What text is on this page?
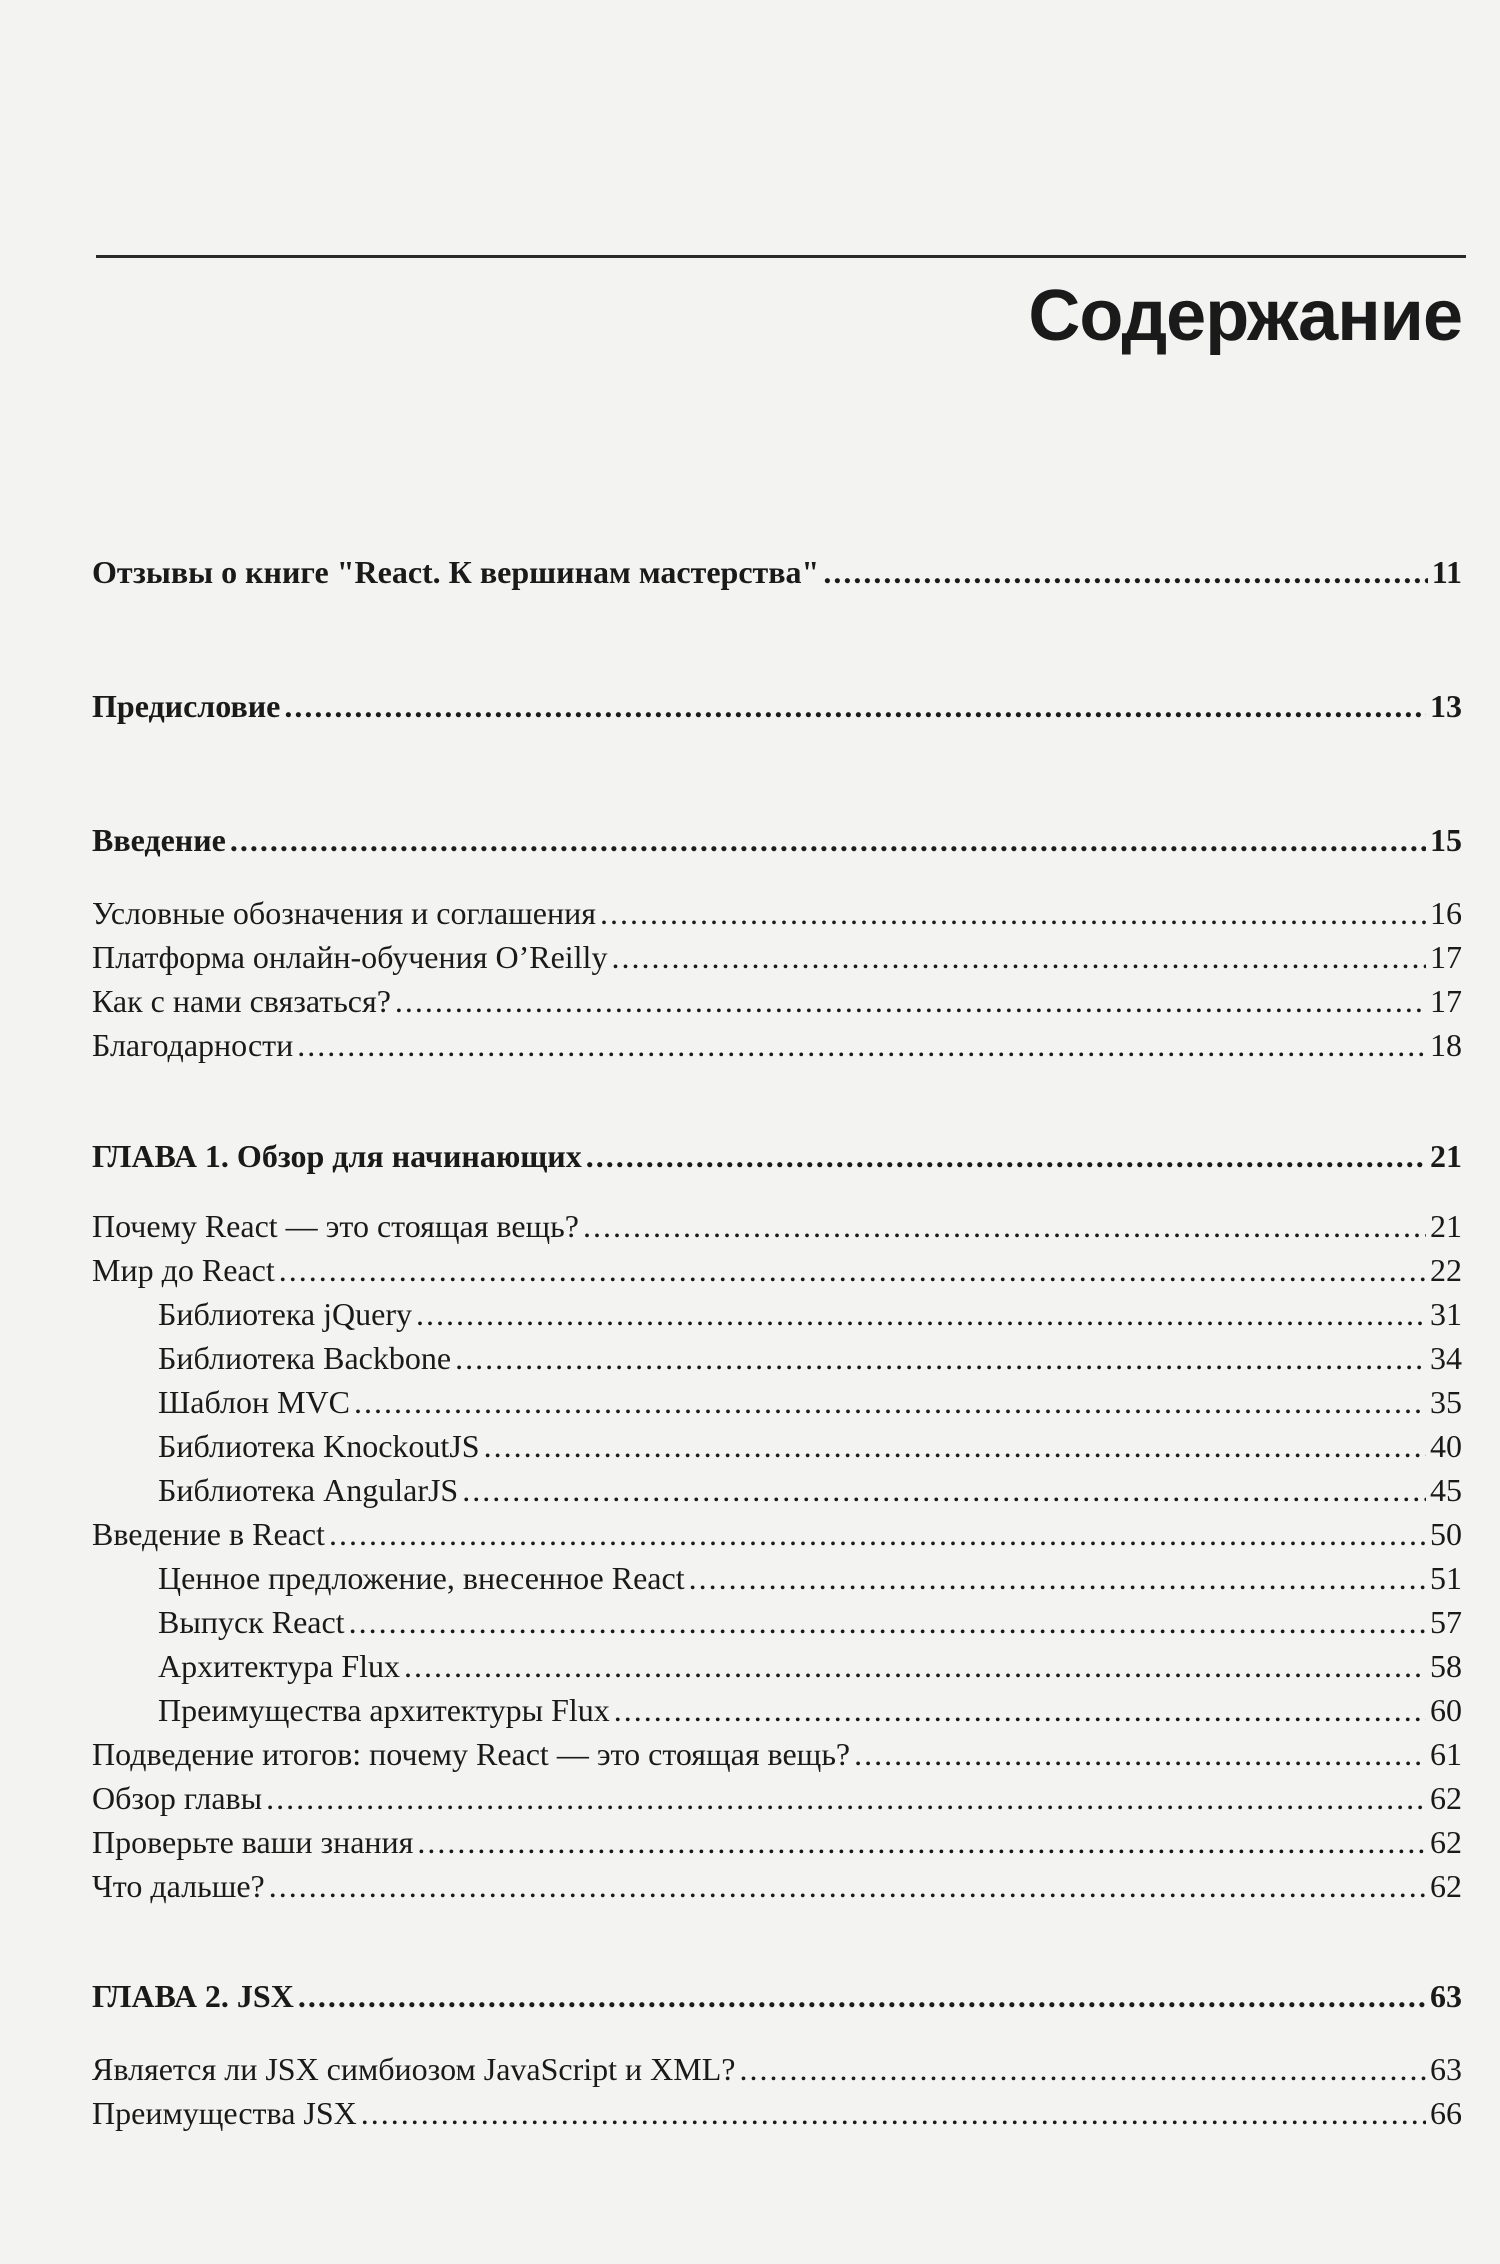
Содержание
Отзывы о книге "React. К вершинам мастерства" .....	11
Предисловие .....	13
Введение .....	15
Условные обозначения и соглашения .....	16
Платформа онлайн-обучения O’Reilly .....	17
Как с нами связаться? .....	17
Благодарности .....	18
ГЛАВА 1. Обзор для начинающих .....	21
Почему React — это стоящая вещь? .....	21
Мир до React .....	22
Библиотека jQuery .....	31
Библиотека Backbone .....	34
Шаблон MVC .....	35
Библиотека KnockoutJS .....	40
Библиотека AngularJS .....	45
Введение в React .....	50
Ценное предложение, внесенное React .....	51
Выпуск React .....	57
Архитектура Flux .....	58
Преимущества архитектуры Flux .....	60
Подведение итогов: почему React — это стоящая вещь? .....	61
Обзор главы .....	62
Проверьте ваши знания .....	62
Что дальше? .....	62
ГЛАВА 2. JSX .....	63
Является ли JSX симбиозом JavaScript и XML? .....	63
Преимущества JSX .....	66
